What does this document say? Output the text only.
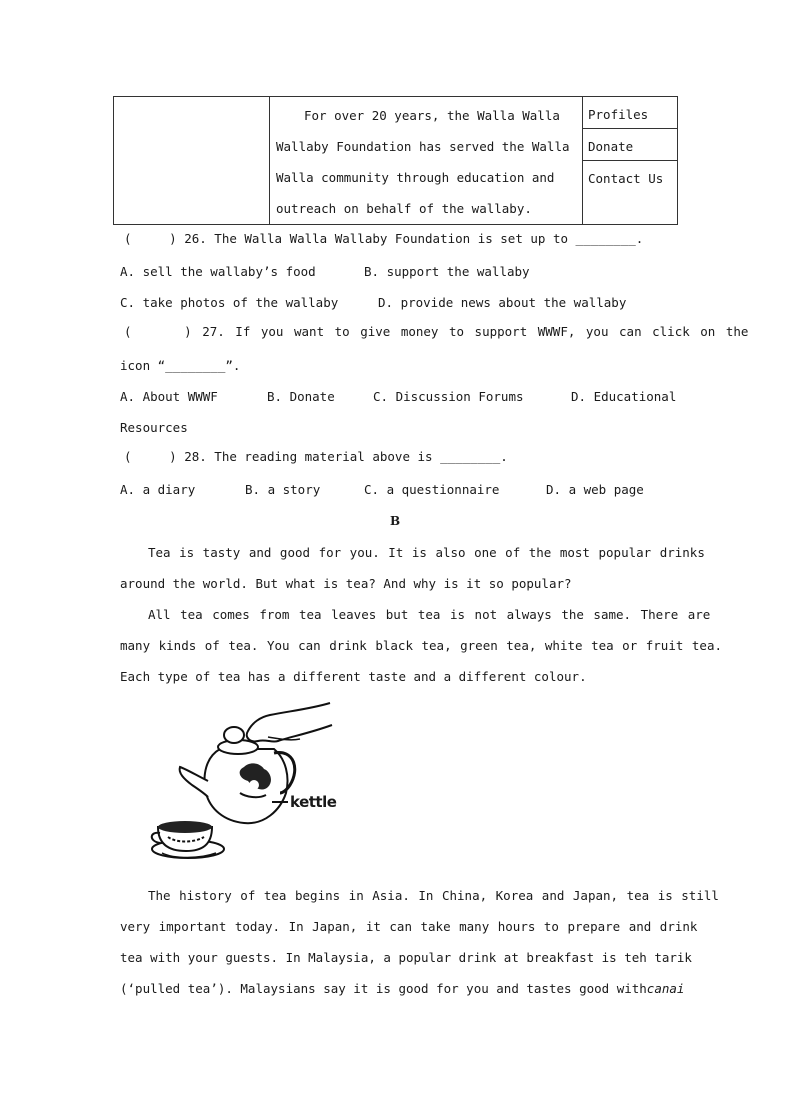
For over 20 years, the Walla Walla
Wallaby Foundation has served the Walla
Walla community through education and
outreach on behalf of the wallaby.

Profiles
Donate
Contact Us
(     ) 26. The Walla Walla Wallaby Foundation is set up to ________.
A. sell the wallaby’s food	B. support the wallaby
C. take photos of the wallaby	D. provide news about the wallaby
(     ) 27. If you want to give money to support WWWF, you can click on the
icon “________”.
A. About WWWF	B. Donate	C. Discussion Forums	D. Educational
Resources
(     ) 28. The reading material above is ________.
A. a diary	B. a story	C. a questionnaire	D. a web page
B
Tea is tasty and good for you. It is also one of the most popular drinks
around the world. But what is tea? And why is it so popular?
All tea comes from tea leaves but tea is not always the same. There are
many kinds of tea. You can drink black tea, green tea, white tea or fruit tea.
Each type of tea has a different taste and a different colour.
kettle
The history of tea begins in Asia. In China, Korea and Japan, tea is still
very important today. In Japan, it can take many hours to prepare and drink
tea with your guests. In Malaysia, a popular drink at breakfast is teh tarik
(‘pulled tea’). Malaysians say it is good for you and tastes good with canai
